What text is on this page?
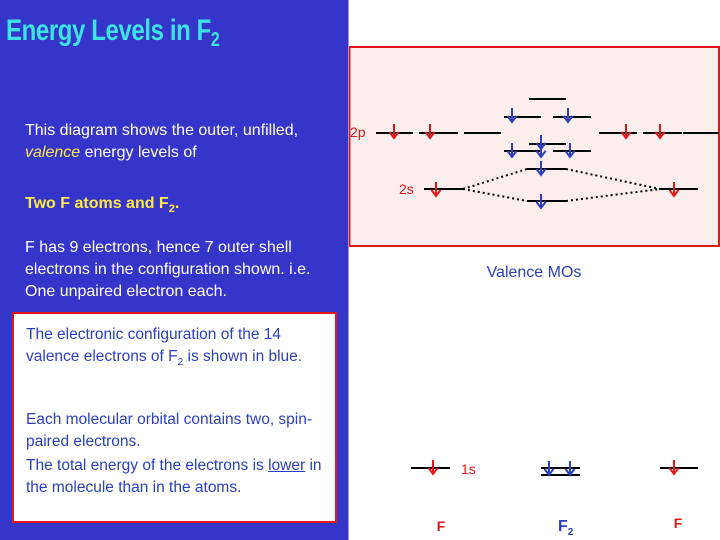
Energy Levels in $F_2$

This diagram shows the outer, unfilled, valence energy levels of

Two F atoms and $F_2$.

F has 9 electrons, hence 7 outer shell electrons in the configuration shown. i.e. One unpaired electron each.

The electronic configuration of the 14 valence electrons of $F_2$ is shown in blue.

Each molecular orbital contains two, spin-paired electrons.

The total energy of the electrons is lower in the molecule than in the atoms.

2p
2s
Valence MOs
1s
F	$F_2$
F
